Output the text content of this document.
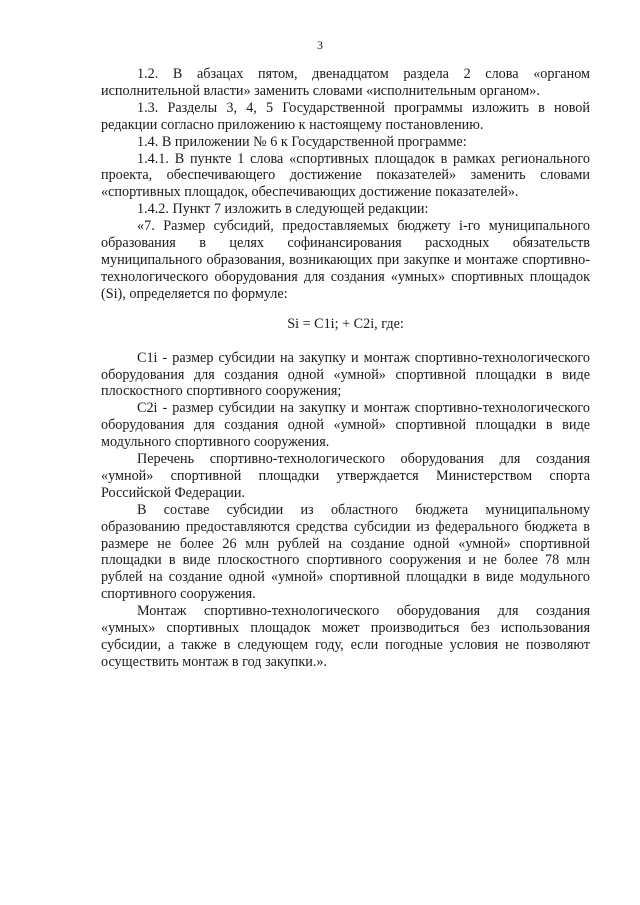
3

1.2. В абзацах пятом, двенадцатом раздела 2 слова «органом исполнительной власти» заменить словами «исполнительным органом».

1.3. Разделы 3, 4, 5 Государственной программы изложить в новой редакции согласно приложению к настоящему постановлению.

1.4. В приложении № 6 к Государственной программе:

1.4.1. В пункте 1 слова «спортивных площадок в рамках регионального проекта, обеспечивающего достижение показателей» заменить словами «спортивных площадок, обеспечивающих достижение показателей».

1.4.2. Пункт 7 изложить в следующей редакции:

«7. Размер субсидий, предоставляемых бюджету i-го муниципального образования в целях софинансирования расходных обязательств муниципального образования, возникающих при закупке и монтаже спортивно-технологического оборудования для создания «умных» спортивных площадок (Si), определяется по формуле:

Si = C1i; + C2i, где:

C1i - размер субсидии на закупку и монтаж спортивно-технологического оборудования для создания одной «умной» спортивной площадки в виде плоскостного спортивного сооружения;

C2i - размер субсидии на закупку и монтаж спортивно-технологического оборудования для создания одной «умной» спортивной площадки в виде модульного спортивного сооружения.

Перечень спортивно-технологического оборудования для создания «умной» спортивной площадки утверждается Министерством спорта Российской Федерации.

В составе субсидии из областного бюджета муниципальному образованию предоставляются средства субсидии из федерального бюджета в размере не более 26 млн рублей на создание одной «умной» спортивной площадки в виде плоскостного спортивного сооружения и не более 78 млн рублей на создание одной «умной» спортивной площадки в виде модульного спортивного сооружения.

Монтаж спортивно-технологического оборудования для создания «умных» спортивных площадок может производиться без использования субсидии, а также в следующем году, если погодные условия не позволяют осуществить монтаж в год закупки.».
